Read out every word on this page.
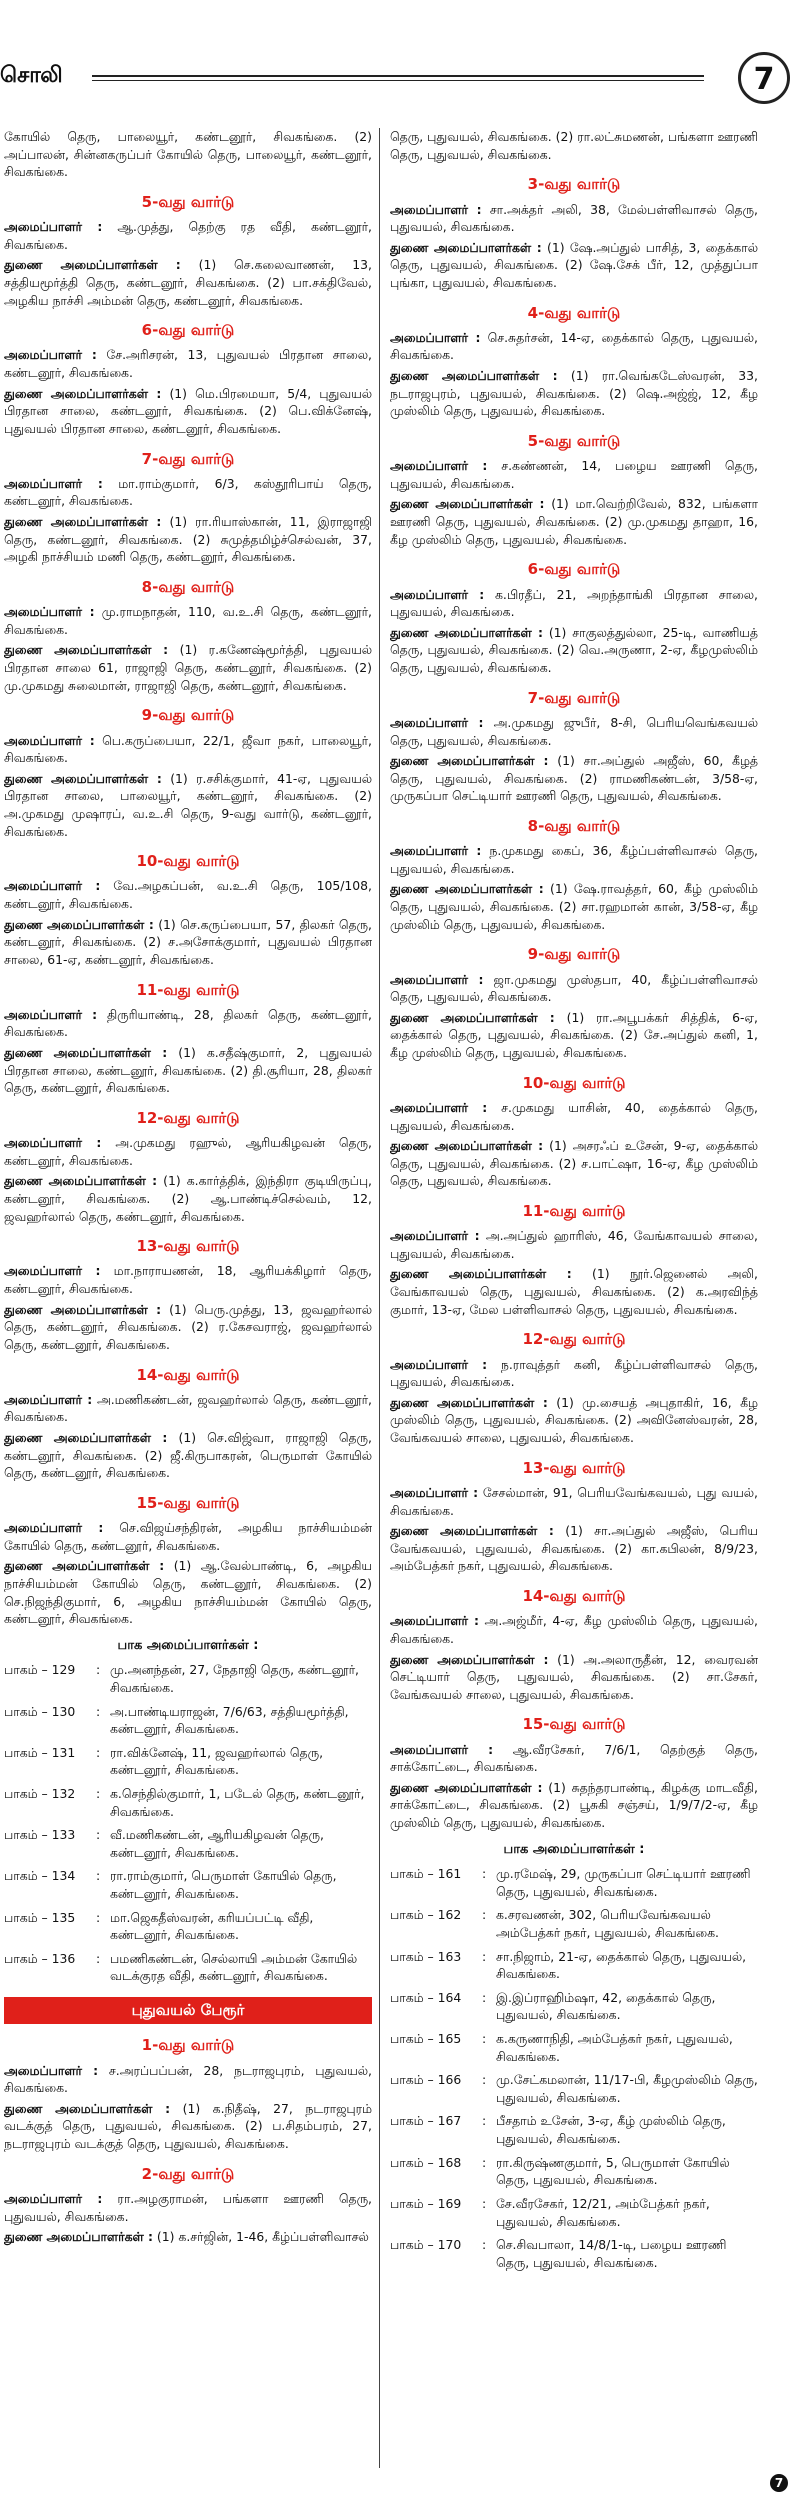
சொலி	7

கோயில் தெரு, பாலையூர், கண்டனூர், சிவகங்கை. (2) அப்பாலன், சின்னகருப்பர் கோயில் தெரு, பாலையூர், கண்டனூர், சிவகங்கை.

5-வது வார்டு

அமைப்பாளர் : ஆ.முத்து, தெற்கு ரத வீதி, கண்டனூர், சிவகங்கை.

துணை அமைப்பாளர்கள் : (1) செ.கலைவாணன், 13, சத்தியமூர்த்தி தெரு, கண்டனூர், சிவகங்கை. (2) பா.சக்திவேல், அழகிய நாச்சி அம்மன் தெரு, கண்டனூர், சிவகங்கை.

6-வது வார்டு

அமைப்பாளர் : சே.அரிசரன், 13, புதுவயல் பிரதான சாலை, கண்டனூர், சிவகங்கை.

துணை அமைப்பாளர்கள் : (1) மெ.பிரமையா, 5/4, புதுவயல் பிரதான சாலை, கண்டனூர், சிவகங்கை. (2) பெ.விக்னேஷ், புதுவயல் பிரதான சாலை, கண்டனூர், சிவகங்கை.

7-வது வார்டு

அமைப்பாளர் : மா.ராம்குமார், 6/3, கஸ்தூரிபாய் தெரு, கண்டனூர், சிவகங்கை.

துணை அமைப்பாளர்கள் : (1) ரா.ரியாஸ்கான், 11, இராஜாஜி தெரு, கண்டனூர், சிவகங்கை. (2) சுமுத்தமிழ்ச்செல்வன், 37, அழகி நாச்சியம் மணி தெரு, கண்டனூர், சிவகங்கை.

8-வது வார்டு

அமைப்பாளர் : மு.ராமநாதன், 110, வ.உ.சி தெரு, கண்டனூர், சிவகங்கை.

துணை அமைப்பாளர்கள் : (1) ர.கணேஷ்மூர்த்தி, புதுவயல் பிரதான சாலை 61, ராஜாஜி தெரு, கண்டனூர், சிவகங்கை. (2) மு.முகமது சுலைமான், ராஜாஜி தெரு, கண்டனூர், சிவகங்கை.

9-வது வார்டு

அமைப்பாளர் : பெ.கருப்பையா, 22/1, ஜீவா நகர், பாலையூர், சிவகங்கை.

துணை அமைப்பாளர்கள் : (1) ர.சசிக்குமார், 41-ஏ, புதுவயல் பிரதான சாலை, பாலையூர், கண்டனூர், சிவகங்கை. (2) அ.முகமது முஷாரப், வ.உ.சி தெரு, 9-வது வார்டு, கண்டனூர், சிவகங்கை.

10-வது வார்டு

அமைப்பாளர் : வே.அழகப்பன், வ.உ.சி தெரு, 105/108, கண்டனூர், சிவகங்கை.

துணை அமைப்பாளர்கள் : (1) செ.கருப்பையா, 57, திலகர் தெரு, கண்டனூர், சிவகங்கை. (2) ச.அசோக்குமார், புதுவயல் பிரதான சாலை, 61-ஏ, கண்டனூர், சிவகங்கை.

11-வது வார்டு

அமைப்பாளர் : திருரியாண்டி, 28, திலகர் தெரு, கண்டனூர், சிவகங்கை.

துணை அமைப்பாளர்கள் : (1) க.சதீஷ்குமார், 2, புதுவயல் பிரதான சாலை, கண்டனூர், சிவகங்கை. (2) தி.சூரியா, 28, திலகர் தெரு, கண்டனூர், சிவகங்கை.

12-வது வார்டு

அமைப்பாளர் : அ.முகமது ரஹுல், ஆரியகிழவன் தெரு, கண்டனூர், சிவகங்கை.

துணை அமைப்பாளர்கள் : (1) க.கார்த்திக், இந்திரா குடியிருப்பு, கண்டனூர், சிவகங்கை. (2) ஆ.பாண்டிச்செல்வம், 12, ஜவஹர்லால் தெரு, கண்டனூர், சிவகங்கை.

13-வது வார்டு

அமைப்பாளர் : மா.நாராயணன், 18, ஆரியக்கிழார் தெரு, கண்டனூர், சிவகங்கை.

துணை அமைப்பாளர்கள் : (1) பெரு.முத்து, 13, ஜவஹர்லால் தெரு, கண்டனூர், சிவகங்கை. (2) ர.கேசவராஜ், ஜவஹர்லால் தெரு, கண்டனூர், சிவகங்கை.

14-வது வார்டு

அமைப்பாளர் : அ.மணிகண்டன், ஜவஹர்லால் தெரு, கண்டனூர், சிவகங்கை.

துணை அமைப்பாளர்கள் : (1) செ.விஜ்வா, ராஜாஜி தெரு, கண்டனூர், சிவகங்கை. (2) ஜீ.கிருபாகரன், பெருமாள் கோயில் தெரு, கண்டனூர், சிவகங்கை.

15-வது வார்டு

அமைப்பாளர் : செ.விஜய்சந்திரன், அழகிய நாச்சியம்மன் கோயில் தெரு, கண்டனூர், சிவகங்கை.

துணை அமைப்பாளர்கள் : (1) ஆ.வேல்பாண்டி, 6, அழகிய நாச்சியம்மன் கோயில் தெரு, கண்டனூர், சிவகங்கை. (2) செ.நிஜந்திகுமார், 6, அழகிய நாச்சியம்மன் கோயில் தெரு, கண்டனூர், சிவகங்கை.

பாக அமைப்பாளர்கள் :
பாகம் – 129	: மு.அனந்தன், 27, நேதாஜி தெரு, கண்டனூர், சிவகங்கை.
பாகம் – 130	: அ.பாண்டியராஜன், 7/6/63, சத்தியமூர்த்தி, கண்டனூர், சிவகங்கை.
பாகம் – 131	: ரா.விக்னேஷ், 11, ஜவஹர்லால் தெரு, கண்டனூர், சிவகங்கை.
பாகம் – 132	: க.செந்தில்குமார், 1, படேல் தெரு, கண்டனூர், சிவகங்கை.
பாகம் – 133	: வீ.மணிகண்டன், ஆரியகிழவன் தெரு, கண்டனூர், சிவகங்கை.
பாகம் – 134	: ரா.ராம்குமார், பெருமாள் கோயில் தெரு, கண்டனூர், சிவகங்கை.
பாகம் – 135	: மா.ஜெகதீஸ்வரன், கரியப்பட்டி வீதி, கண்டனூர், சிவகங்கை.
பாகம் – 136	: பமணிகண்டன், செல்லாயி அம்மன் கோயில் வடக்குரத வீதி, கண்டனூர், சிவகங்கை.
புதுவயல் பேரூர்
1-வது வார்டு

அமைப்பாளர் : ச.அரப்பப்பன், 28, நடராஜபுரம், புதுவயல், சிவகங்கை.

துணை அமைப்பாளர்கள் : (1) க.நிதீஷ், 27, நடராஜபுரம் வடக்குத் தெரு, புதுவயல், சிவகங்கை. (2) ப.சிதம்பரம், 27, நடராஜபுரம் வடக்குத் தெரு, புதுவயல், சிவகங்கை.

2-வது வார்டு

அமைப்பாளர் : ரா.அழகுராமன், பங்களா ஊரணி தெரு, புதுவயல், சிவகங்கை.

துணை அமைப்பாளர்கள் : (1) க.சர்ஜின், 1-46, கீழ்ப்பள்ளிவாசல்

தெரு, புதுவயல், சிவகங்கை. (2) ரா.லட்சுமணன், பங்களா ஊரணி தெரு, புதுவயல், சிவகங்கை.

3-வது வார்டு

அமைப்பாளர் : சா.அக்தர் அலி, 38, மேல்பள்ளிவாசல் தெரு, புதுவயல், சிவகங்கை.

துணை அமைப்பாளர்கள் : (1) ஷே.அப்துல் பாசித், 3, தைக்கால் தெரு, புதுவயல், சிவகங்கை. (2) ஷே.சேக் பீர், 12, முத்துப்பா புங்கா, புதுவயல், சிவகங்கை.

4-வது வார்டு

அமைப்பாளர் : செ.சுதர்சன், 14-ஏ, தைக்கால் தெரு, புதுவயல், சிவகங்கை.

துணை அமைப்பாளர்கள் : (1) ரா.வெங்கடேஸ்வரன், 33, நடராஜபுரம், புதுவயல், சிவகங்கை. (2) ஷெ.அஜ்ஜ், 12, கீழ முஸ்லிம் தெரு, புதுவயல், சிவகங்கை.

5-வது வார்டு

அமைப்பாளர் : ச.கண்ணன், 14, பழைய ஊரணி தெரு, புதுவயல், சிவகங்கை.

துணை அமைப்பாளர்கள் : (1) மா.வெற்றிவேல், 832, பங்களா ஊரணி தெரு, புதுவயல், சிவகங்கை. (2) மு.முகமது தாஹா, 16, கீழ முஸ்லிம் தெரு, புதுவயல், சிவகங்கை.

6-வது வார்டு

அமைப்பாளர் : க.பிரதீப், 21, அறந்தாங்கி பிரதான சாலை, புதுவயல், சிவகங்கை.

துணை அமைப்பாளர்கள் : (1) சாகுலத்துல்லா, 25-டி, வாணியத் தெரு, புதுவயல், சிவகங்கை. (2) வெ.அருணா, 2-ஏ, கீழமுஸ்லிம் தெரு, புதுவயல், சிவகங்கை.

7-வது வார்டு

அமைப்பாளர் : அ.முகமது ஜுபீர், 8-சி, பெரியவெங்கவயல் தெரு, புதுவயல், சிவகங்கை.

துணை அமைப்பாளர்கள் : (1) சா.அப்துல் அஜீஸ், 60, கீழத் தெரு, புதுவயல், சிவகங்கை. (2) ராமணிகண்டன், 3/58-ஏ, முருகப்பா செட்டியார் ஊரணி தெரு, புதுவயல், சிவகங்கை.

8-வது வார்டு

அமைப்பாளர் : ந.முகமது கைப், 36, கீழ்ப்பள்ளிவாசல் தெரு, புதுவயல், சிவகங்கை.

துணை அமைப்பாளர்கள் : (1) ஷே.ராவத்தர், 60, கீழ் முஸ்லிம் தெரு, புதுவயல், சிவகங்கை. (2) சா.ரஹமான் கான், 3/58-ஏ, கீழ முஸ்லிம் தெரு, புதுவயல், சிவகங்கை.

9-வது வார்டு

அமைப்பாளர் : ஜா.முகமது முஸ்தபா, 40, கீழ்ப்பள்ளிவாசல் தெரு, புதுவயல், சிவகங்கை.

துணை அமைப்பாளர்கள் : (1) ரா.அபூபக்கர் சித்திக், 6-ஏ, தைக்கால் தெரு, புதுவயல், சிவகங்கை. (2) சே.அப்துல் கனி, 1, கீழ முஸ்லிம் தெரு, புதுவயல், சிவகங்கை.

10-வது வார்டு

அமைப்பாளர் : ச.முகமது யாசின், 40, தைக்கால் தெரு, புதுவயல், சிவகங்கை.

துணை அமைப்பாளர்கள் : (1) அசரஃப் உசேன், 9-ஏ, தைக்கால் தெரு, புதுவயல், சிவகங்கை. (2) ச.பாட்ஷா, 16-ஏ, கீழ முஸ்லிம் தெரு, புதுவயல், சிவகங்கை.

11-வது வார்டு

அமைப்பாளர் : அ.அப்துல் ஹாரிஸ், 46, வேங்காவயல் சாலை, புதுவயல், சிவகங்கை.

துணை அமைப்பாளர்கள் : (1) நூர்.ஜெனைல் அலி, வேங்காவயல் தெரு, புதுவயல், சிவகங்கை. (2) க.அரவிந்த் குமார், 13-ஏ, மேல பள்ளிவாசல் தெரு, புதுவயல், சிவகங்கை.

12-வது வார்டு

அமைப்பாளர் : ந.ராவுத்தர் கனி, கீழ்ப்பள்ளிவாசல் தெரு, புதுவயல், சிவகங்கை.

துணை அமைப்பாளர்கள் : (1) மு.சையத் அபுதாகிர், 16, கீழ முஸ்லிம் தெரு, புதுவயல், சிவகங்கை. (2) அவினேஸ்வரன், 28, வேங்கவயல் சாலை, புதுவயல், சிவகங்கை.

13-வது வார்டு

அமைப்பாளர் : சேசல்மான், 91, பெரியவேங்கவயல், புது வயல், சிவகங்கை.

துணை அமைப்பாளர்கள் : (1) சா.அப்துல் அஜீஸ், பெரிய வேங்கவயல், புதுவயல், சிவகங்கை. (2) கா.கபிலன், 8/9/23, அம்பேத்கர் நகர், புதுவயல், சிவகங்கை.

14-வது வார்டு

அமைப்பாளர் : அ.அஜ்மீர், 4-ஏ, கீழ முஸ்லிம் தெரு, புதுவயல், சிவகங்கை.

துணை அமைப்பாளர்கள் : (1) அ.அலாருதீன், 12, வைரவன் செட்டியார் தெரு, புதுவயல், சிவகங்கை. (2) சா.சேகர், வேங்கவயல் சாலை, புதுவயல், சிவகங்கை.

15-வது வார்டு

அமைப்பாளர் : ஆ.வீரசேகர், 7/6/1, தெற்குத் தெரு, சாக்கோட்டை, சிவகங்கை.

துணை அமைப்பாளர்கள் : (1) சுதந்தரபாண்டி, கிழக்கு மாடவீதி, சாக்கோட்டை, சிவகங்கை. (2) பூசுகி சஞ்சய், 1/9/7/2-ஏ, கீழ முஸ்லிம் தெரு, புதுவயல், சிவகங்கை.

பாக அமைப்பாளர்கள் :
பாகம் – 161	: மு.ரமேஷ், 29, முருகப்பா செட்டியார் ஊரணி தெரு, புதுவயல், சிவகங்கை.
பாகம் – 162	: க.சரவணன், 302, பெரியவேங்கவயல் அம்பேத்கர் நகர், புதுவயல், சிவகங்கை.
பாகம் – 163	: சா.நிஜாம், 21-ஏ, தைக்கால் தெரு, புதுவயல், சிவகங்கை.
பாகம் – 164	: இ.இப்ராஹிம்ஷா, 42, தைக்கால் தெரு, புதுவயல், சிவகங்கை.
பாகம் – 165	: க.கருணாநிதி, அம்பேத்கர் நகர், புதுவயல், சிவகங்கை.
பாகம் – 166	: மு.சேட்கமலான், 11/17-பி, கீழமுஸ்லிம் தெரு, புதுவயல், சிவகங்கை.
பாகம் – 167	: பீசதாம் உசேன், 3-ஏ, கீழ் முஸ்லிம் தெரு, புதுவயல், சிவகங்கை.
பாகம் – 168	: ரா.கிருஷ்ணகுமார், 5, பெருமாள் கோயில் தெரு, புதுவயல், சிவகங்கை.
பாகம் – 169	: சே.வீரசேகர், 12/21, அம்பேத்கர் நகர், புதுவயல், சிவகங்கை.
பாகம் – 170	: செ.சிவபாலா, 14/8/1-டி, பழைய ஊரணி தெரு, புதுவயல், சிவகங்கை.
7
